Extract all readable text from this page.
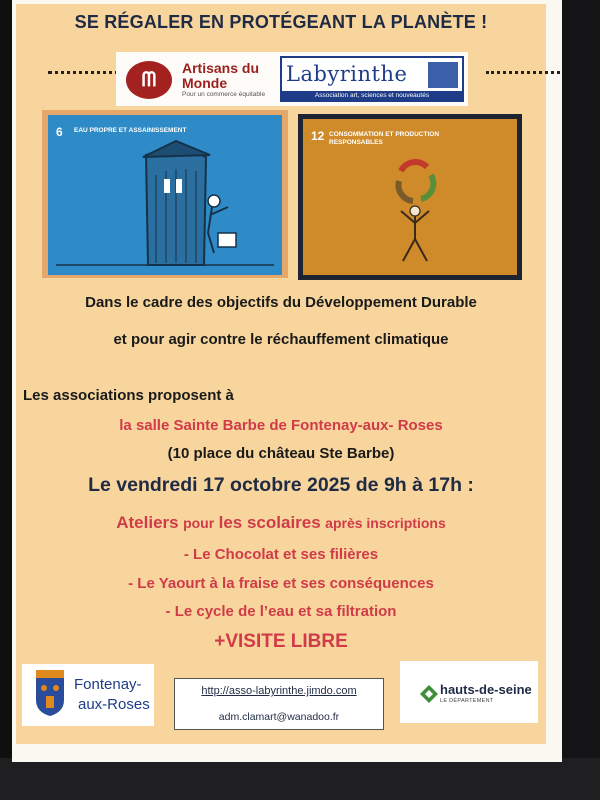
SE RÉGALER EN PROTÉGEANT LA PLANÈTE !
ᗰ
Artisans du Monde
Pour un commerce équitable
Labyrinthe
Association art, sciences et nouveautés
6 EAU PROPRE ET ASSAINISSEMENT	12 CONSOMMATION ET PRODUCTION RESPONSABLES
Dans le cadre des objectifs du Développement Durable
et pour agir contre le réchauffement climatique
Les associations proposent à
la salle Sainte Barbe de Fontenay-aux- Roses
(10 place du château Ste Barbe)
Le vendredi 17 octobre 2025 de 9h à 17h :
Ateliers pour les scolaires après inscriptions
- Le Chocolat et ses filières
- Le Yaourt à la fraise et ses conséquences
- Le cycle de l’eau et sa filtration
+VISITE LIBRE
Fontenay-
aux-Roses
http://asso-labyrinthe.jimdo.com
adm.clamart@wanadoo.fr
hauts-de-seine
LE DÉPARTEMENT
